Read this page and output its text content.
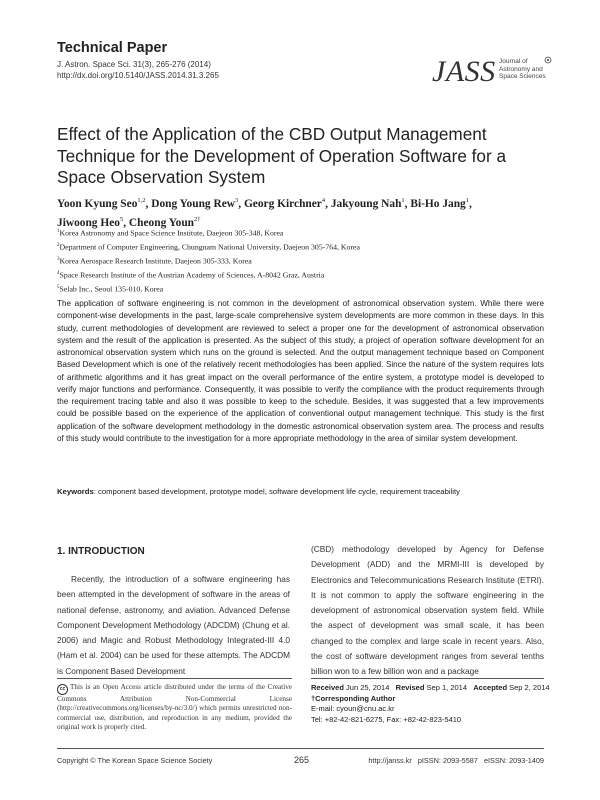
Technical Paper
J. Astron. Space Sci. 31(3), 265-276 (2014)
http://dx.doi.org/10.5140/JASS.2014.31.3.265	JASS Journal of
Astronomy and
Space Sciences
Effect of the Application of the CBD Output Management Technique for the Development of Operation Software for a Space Observation System
Yoon Kyung Seo$^{1,2}$, Dong Young Rew$^3$, Georg Kirchner$^4$, Jakyoung Nah$^1$, Bi-Ho Jang$^1$,
Jiwoong Heo$^5$, Cheong Youn$^{2\dagger}$
$^1$Korea Astronomy and Space Science Institute, Daejeon 305-348, Korea
$^2$Department of Computer Engineering, Chungnam National University, Daejeon 305-764, Korea
$^3$Korea Aerospace Research Institute, Daejeon 305-333, Korea
$^4$Space Research Institute of the Austrian Academy of Sciences, A-8042 Graz, Austria
$^5$Selab Inc., Seoul 135-010, Korea

The application of software engineering is not common in the development of astronomical observation system. While there were component-wise developments in the past, large-scale comprehensive system developments are more common in these days. In this study, current methodologies of development are reviewed to select a proper one for the development of astronomical observation system and the result of the application is presented. As the subject of this study, a project of operation software development for an astronomical observation system which runs on the ground is selected. And the output management technique based on Component Based Development which is one of the relatively recent methodologies has been applied. Since the nature of the system requires lots of arithmetic algorithms and it has great impact on the overall performance of the entire system, a prototype model is developed to verify major functions and performance. Consequently, it was possible to verify the compliance with the product requirements through the requirement tracing table and also it was possible to keep to the schedule. Besides, it was suggested that a few improvements could be possible based on the experience of the application of conventional output management technique. This study is the first application of the software development methodology in the domestic astronomical observation system area. The process and results of this study would contribute to the investigation for a more appropriate methodology in the area of similar system development.

Keywords: component based development, prototype model, software development life cycle, requirement traceability
1. INTRODUCTION

Recently, the introduction of a software engineering has been attempted in the development of software in the areas of national defense, astronomy, and aviation. Advanced Defense Component Development Methodology (ADCDM) (Chung et al. 2006) and Magic and Robust Methodology Integrated-III 4.0 (Ham et al. 2004) can be used for these attempts. The ADCDM is Component Based Development

(CBD) methodology developed by Agency for Defense Development (ADD) and the MRMI-III is developed by Electronics and Telecommunications Research Institute (ETRI). It is not common to apply the software engineering in the development of astronomical observation system field. While the aspect of development was small scale, it has been changed to the complex and large scale in recent years. Also, the cost of software development ranges from several tenths billion won to a few billion won and a package

cc This is an Open Access article distributed under the terms of the Creative Commons Attribution Non-Commercial License (http://creativecommons.org/licenses/by-nc/3.0/) which permits unrestricted non-commercial use, distribution, and reproduction in any medium, provided the original work is properly cited.
Received Jun 25, 2014 Revised Sep 1, 2014 Accepted Sep 2, 2014
†Corresponding Author
E-mail: cyoun@cnu.ac.kr
Tel: +82-42-821-6275, Fax: +82-42-823-5410
Copyright © The Korean Space Science Society	265	http://janss.kr   pISSN: 2093-5587   eISSN: 2093-1409
